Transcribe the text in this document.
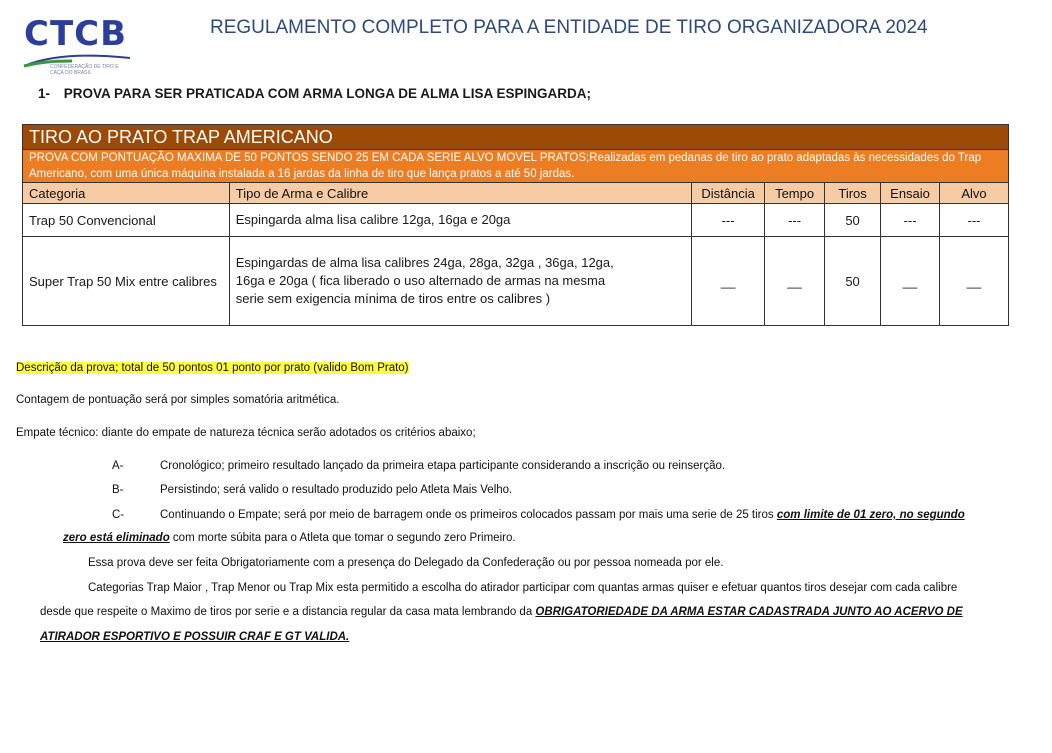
CTCB
CONFEDERAÇÃO DE TIRO E CAÇA DO BRASIL
REGULAMENTO COMPLETO PARA A ENTIDADE DE TIRO ORGANIZADORA 2024
1- PROVA PARA SER PRATICADA COM ARMA LONGA DE ALMA LISA ESPINGARDA;
TIRO AO PRATO TRAP AMERICANO						
PROVA COM PONTUAÇÃO MAXIMA DE 50 PONTOS SENDO 25 EM CADA SERIE ALVO MOVEL PRATOS;Realizadas em pedanas de tiro ao prato adaptadas às necessidades do Trap Americano, com uma única máquina instalada a 16 jardas da linha de tiro que lança pratos a até 50 jardas.						
Categoria	Tipo de Arma e Calibre	Distância	Tempo	Tiros	Ensaio	Alvo
Trap 50 Convencional	Espingarda alma lisa calibre 12ga, 16ga e 20ga	---	---	50	---	---
Super Trap 50 Mix entre calibres	Espingardas de alma lisa calibres 24ga, 28ga, 32ga , 36ga, 12ga, 16ga e 20ga ( fica liberado o uso alternado de armas na mesma serie sem exigencia mínima de tiros entre os calibres )	__	__	50	__	__
Descrição da prova; total de 50 pontos 01 ponto por prato (valido Bom Prato)
Contagem de pontuação será por simples somatória aritmética.
Empate técnico: diante do empate de natureza técnica serão adotados os critérios abaixo;
A-	Cronológico; primeiro resultado lançado da primeira etapa participante considerando a inscrição ou reinserção.
B-	Persistindo; será valido o resultado produzido pelo Atleta Mais Velho.
C-	Continuando o Empate; será por meio de barragem onde os primeiros colocados passam por mais uma serie de 25 tiros com limite de 01 zero, no segundo
zero está eliminado com morte súbita para o Atleta que tomar o segundo zero Primeiro.
Essa prova deve ser feita Obrigatoriamente com a presença do Delegado da Confederação ou por pessoa nomeada por ele.
Categorias Trap Maior , Trap Menor ou Trap Mix esta permitido a escolha do atirador participar com quantas armas quiser e efetuar quantos tiros desejar com cada calibre
desde que respeite o Maximo de tiros por serie e a distancia regular da casa mata lembrando da OBRIGATORIEDADE DA ARMA ESTAR CADASTRADA JUNTO AO ACERVO DE
ATIRADOR ESPORTIVO E POSSUIR CRAF E GT VALIDA.
